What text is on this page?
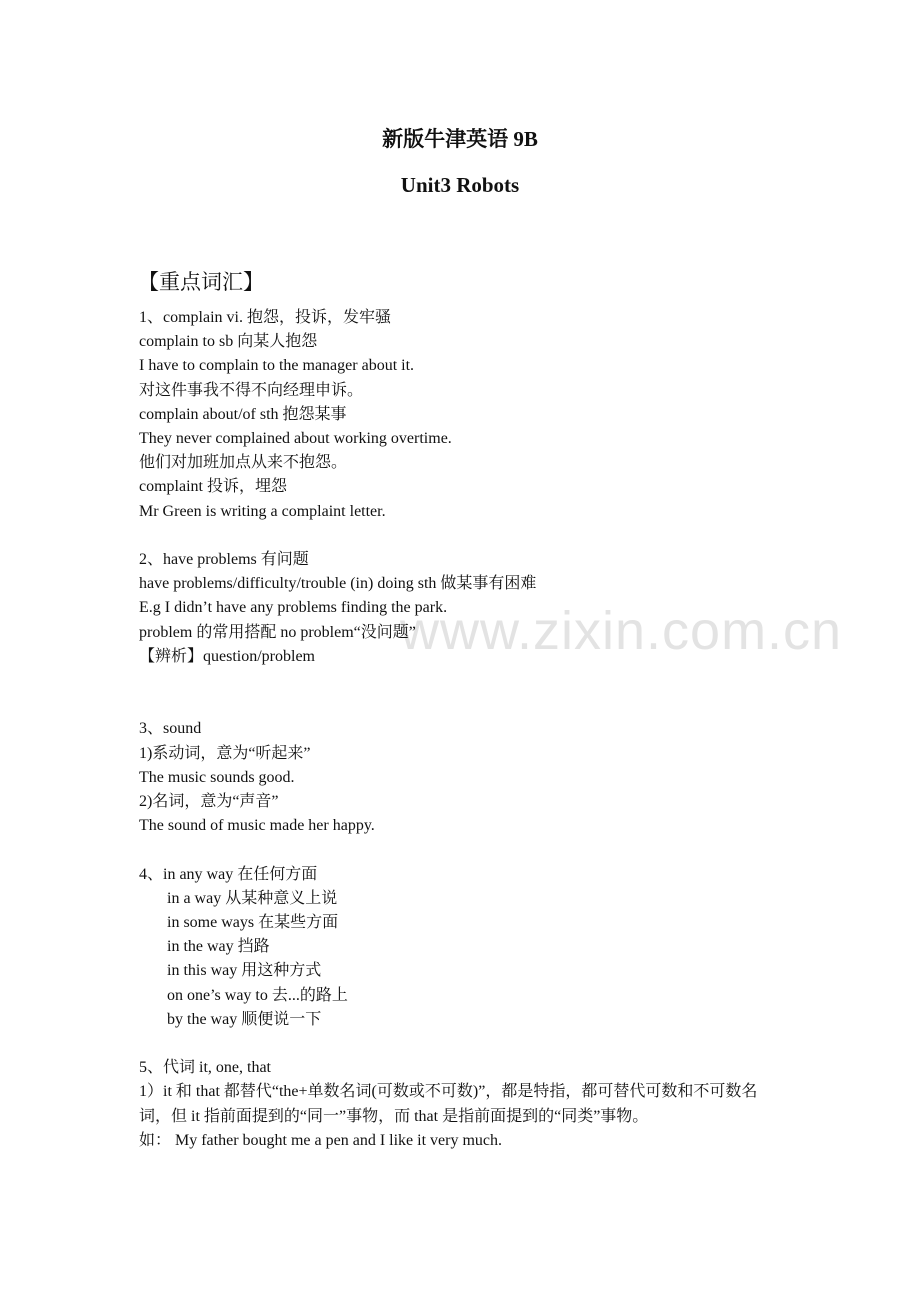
www.zixin.com.cn
新版牛津英语 9B
Unit3 Robots
【重点词汇】
1、complain vi. 抱怨，投诉，发牢骚
complain to sb 向某人抱怨
I have to complain to the manager about it.
对这件事我不得不向经理申诉。
complain about/of sth 抱怨某事
They never complained about working overtime.
他们对加班加点从来不抱怨。
complaint 投诉，埋怨
Mr Green is writing a complaint letter.
2、have problems 有问题
have problems/difficulty/trouble (in) doing sth 做某事有困难
E.g I didn’t have any problems finding the park.
problem 的常用搭配 no problem“没问题”
【辨析】question/problem
3、sound
1)系动词，意为“听起来”
The music sounds good.
2)名词，意为“声音”
The sound of music made her happy.
4、in any way 在任何方面
in a way 从某种意义上说
in some ways 在某些方面
in the way 挡路
in this way 用这种方式
on one’s way to 去...的路上
by the way 顺便说一下
5、代词 it, one, that
1）it 和 that 都替代“the+单数名词(可数或不可数)”，都是特指，都可替代可数和不可数名词，但 it 指前面提到的“同一”事物，而 that 是指前面提到的“同类”事物。
如： My father bought me a pen and I like it very much.
